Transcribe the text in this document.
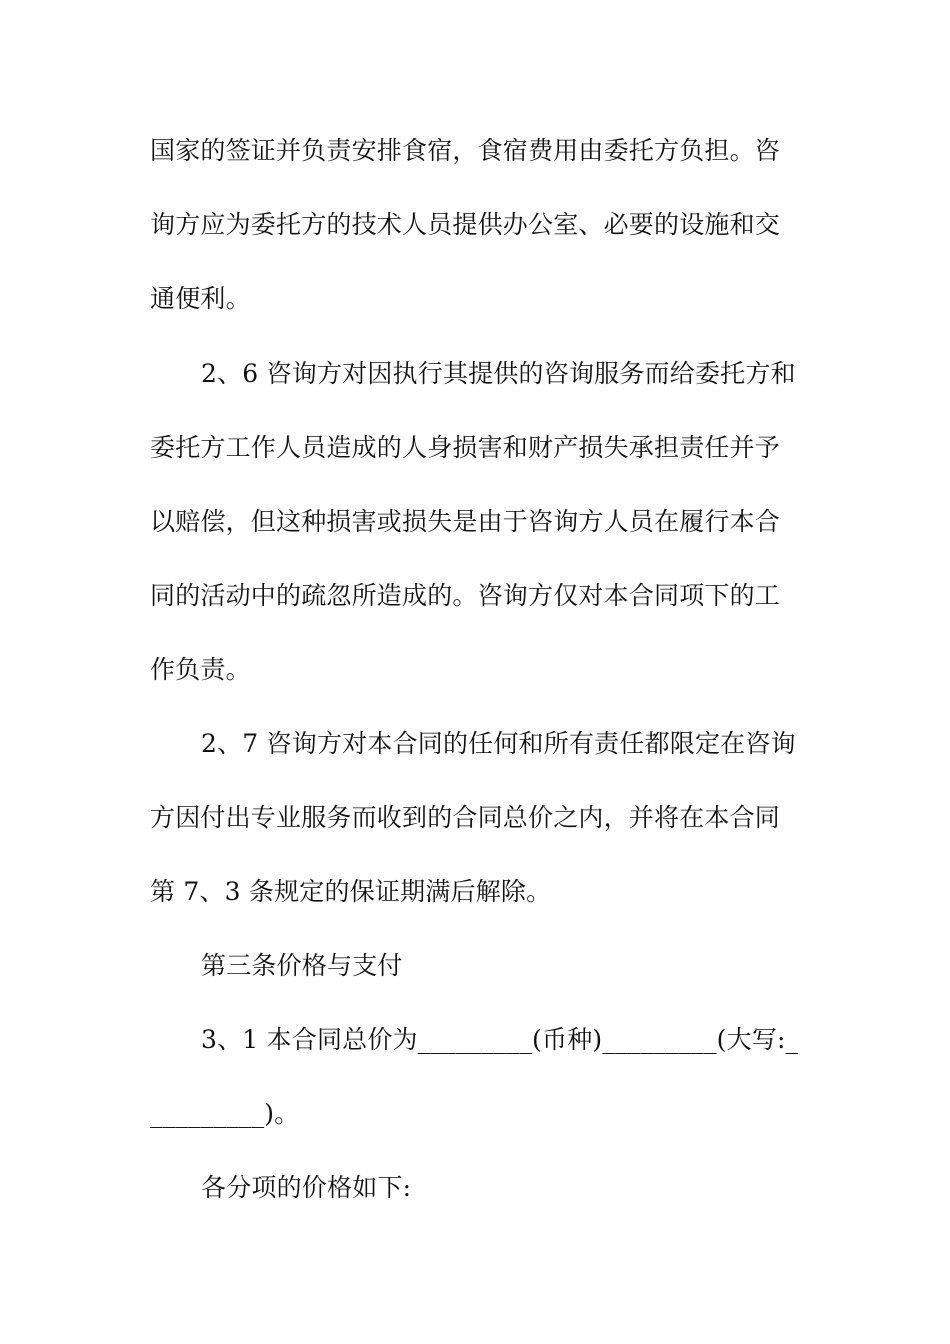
国家的签证并负责安排食宿，食宿费用由委托方负担。咨

询方应为委托方的技术人员提供办公室、必要的设施和交

通便利。

2、6 咨询方对因执行其提供的咨询服务而给委托方和

委托方工作人员造成的人身损害和财产损失承担责任并予

以赔偿，但这种损害或损失是由于咨询方人员在履行本合

同的活动中的疏忽所造成的。咨询方仅对本合同项下的工

作负责。

2、7 咨询方对本合同的任何和所有责任都限定在咨询

方因付出专业服务而收到的合同总价之内，并将在本合同

第 7、3 条规定的保证期满后解除。

第三条价格与支付

3、1 本合同总价为_________(币种)_________(大写:_

_________)。

各分项的价格如下:
